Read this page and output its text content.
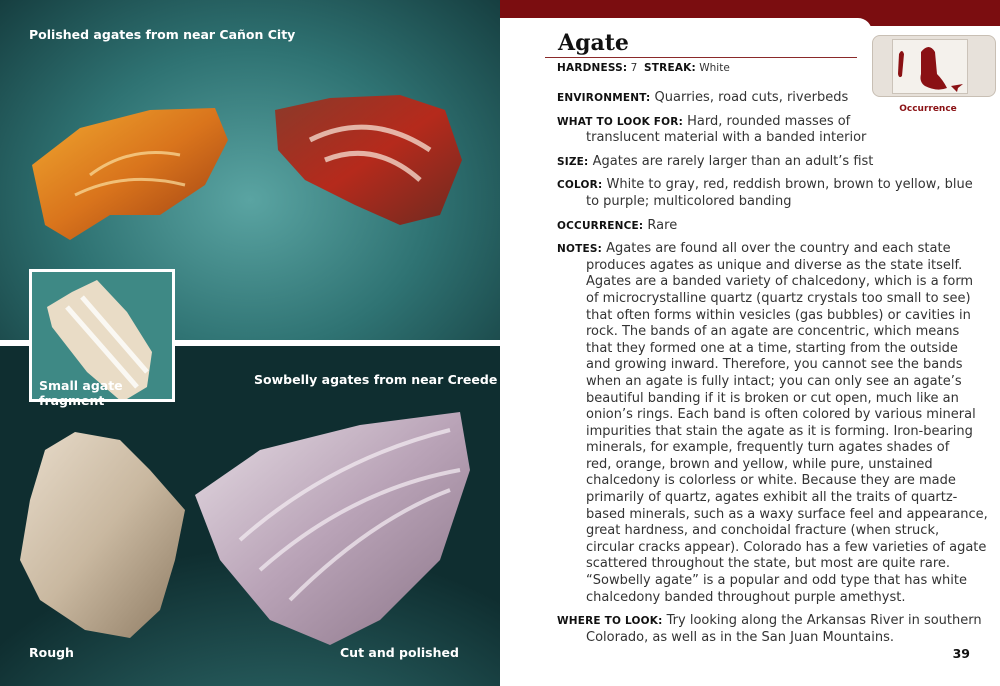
Polished agates from near Cañon City
Small agate
fragment
Sowbelly agates from near Creede
Rough	Cut and polished
Agate
HARDNESS: 7 STREAK: White
Occurrence
ENVIRONMENT: Quarries, road cuts, riverbeds
WHAT TO LOOK FOR: Hard, rounded masses of
translucent material with a banded interior
SIZE: Agates are rarely larger than an adult’s fist
COLOR: White to gray, red, reddish brown, brown to yellow, blue
to purple; multicolored banding
OCCURRENCE: Rare
NOTES: Agates are found all over the country and each state
produces agates as unique and diverse as the state itself.
Agates are a banded variety of chalcedony, which is a form
of microcrystalline quartz (quartz crystals too small to see)
that often forms within vesicles (gas bubbles) or cavities in
rock. The bands of an agate are concentric, which means
that they formed one at a time, starting from the outside
and growing inward. Therefore, you cannot see the bands
when an agate is fully intact; you can only see an agate’s
beautiful banding if it is broken or cut open, much like an
onion’s rings. Each band is often colored by various mineral
impurities that stain the agate as it is forming. Iron-bearing
minerals, for example, frequently turn agates shades of
red, orange, brown and yellow, while pure, unstained
chalcedony is colorless or white. Because they are made
primarily of quartz, agates exhibit all the traits of quartz-
based minerals, such as a waxy surface feel and appearance,
great hardness, and conchoidal fracture (when struck,
circular cracks appear). Colorado has a few varieties of agate
scattered throughout the state, but most are quite rare.
“Sowbelly agate” is a popular and odd type that has white
chalcedony banded throughout purple amethyst.
WHERE TO LOOK: Try looking along the Arkansas River in southern
Colorado, as well as in the San Juan Mountains.
39
